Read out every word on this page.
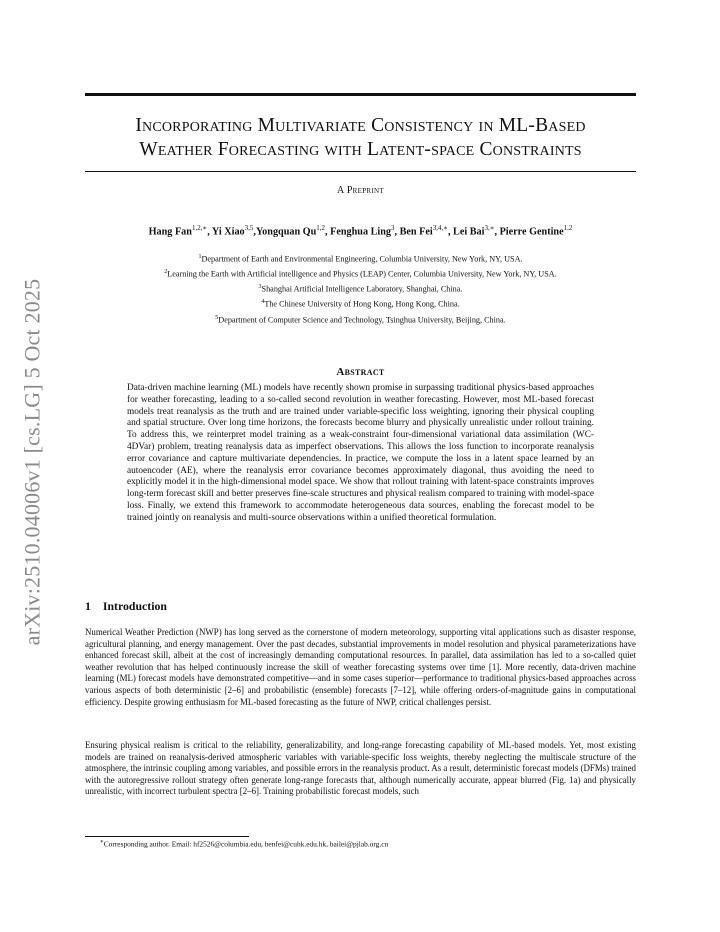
arXiv:2510.04006v1 [cs.LG] 5 Oct 2025
Incorporating Multivariate Consistency in ML-Based
Weather Forecasting with Latent-space Constraints
A Preprint
Hang Fan$^{1,2,∗}$, Yi Xiao$^{3,5}$,Yongquan Qu$^{1,2}$, Fenghua Ling$^3$, Ben Fei$^{3,4,∗}$, Lei Bai$^{3,∗}$, Pierre Gentine$^{1,2}$
$^1$Department of Earth and Environmental Engineering, Columbia University, New York, NY, USA.
$^2$Learning the Earth with Artificial intelligence and Physics (LEAP) Center, Columbia University, New York, NY, USA.
$^3$Shanghai Artificial Intelligence Laboratory, Shanghai, China.
$^4$The Chinese University of Hong Kong, Hong Kong, China.
$^5$Department of Computer Science and Technology, Tsinghua University, Beijing, China.
Abstract
Data-driven machine learning (ML) models have recently shown promise in surpassing traditional physics-based approaches for weather forecasting, leading to a so-called second revolution in weather forecasting. However, most ML-based forecast models treat reanalysis as the truth and are trained under variable-specific loss weighting, ignoring their physical coupling and spatial structure. Over long time horizons, the forecasts become blurry and physically unrealistic under rollout training. To address this, we reinterpret model training as a weak-constraint four-dimensional variational data assimilation (WC-4DVar) problem, treating reanalysis data as imperfect observations. This allows the loss function to incorporate reanalysis error covariance and capture multivariate dependencies. In practice, we compute the loss in a latent space learned by an autoencoder (AE), where the reanalysis error covariance becomes approximately diagonal, thus avoiding the need to explicitly model it in the high-dimensional model space. We show that rollout training with latent-space constraints improves long-term forecast skill and better preserves fine-scale structures and physical realism compared to training with model-space loss. Finally, we extend this framework to accommodate heterogeneous data sources, enabling the forecast model to be trained jointly on reanalysis and multi-source observations within a unified theoretical formulation.
1 Introduction
Numerical Weather Prediction (NWP) has long served as the cornerstone of modern meteorology, supporting vital applications such as disaster response, agricultural planning, and energy management. Over the past decades, substantial improvements in model resolution and physical parameterizations have enhanced forecast skill, albeit at the cost of increasingly demanding computational resources. In parallel, data assimilation has led to a so-called quiet weather revolution that has helped continuously increase the skill of weather forecasting systems over time [1]. More recently, data-driven machine learning (ML) forecast models have demonstrated competitive—and in some cases superior—performance to traditional physics-based approaches across various aspects of both deterministic [2–6] and probabilistic (ensemble) forecasts [7–12], while offering orders-of-magnitude gains in computational efficiency. Despite growing enthusiasm for ML-based forecasting as the future of NWP, critical challenges persist.
Ensuring physical realism is critical to the reliability, generalizability, and long-range forecasting capability of ML-based models. Yet, most existing models are trained on reanalysis-derived atmospheric variables with variable-specific loss weights, thereby neglecting the multiscale structure of the atmosphere, the intrinsic coupling among variables, and possible errors in the reanalysis product. As a result, deterministic forecast models (DFMs) trained with the autoregressive rollout strategy often generate long-range forecasts that, although numerically accurate, appear blurred (Fig. 1a) and physically unrealistic, with incorrect turbulent spectra [2–6]. Training probabilistic forecast models, such
∗Corresponding author. Email: hf2526@columbia.edu, benfei@cuhk.edu.hk, bailei@pjlab.org.cn
